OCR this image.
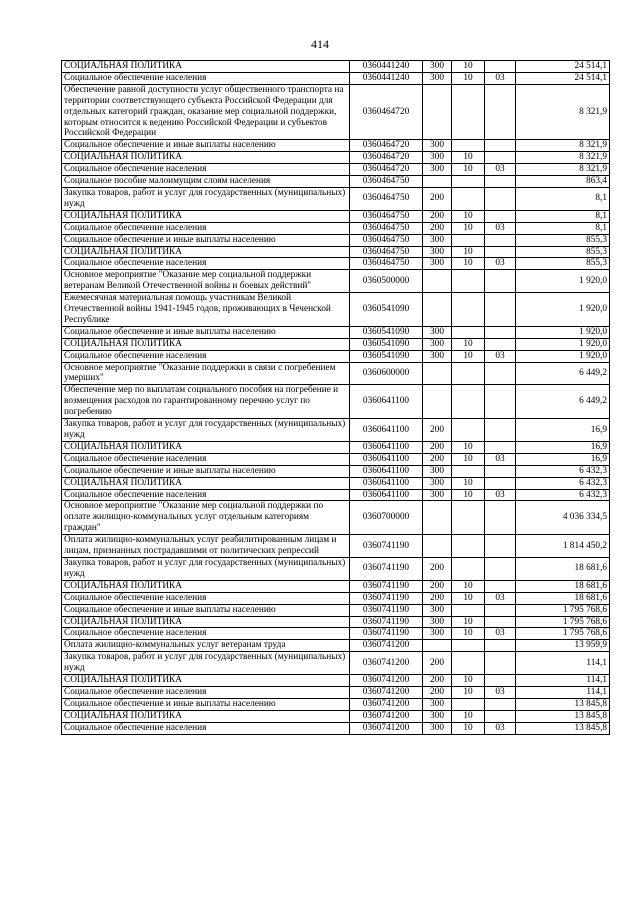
414
СОЦИАЛЬНАЯ ПОЛИТИКА	0360441240	300	10		24 514,1
Социальное обеспечение населения	0360441240	300	10	03	24 514,1
Обеспечение равной доступности услуг общественного транспорта на территории соответствующего субъекта Российской Федерации для отдельных категорий граждан, оказание мер социальной поддержки, которым относится к ведению Российской Федерации и субъектов Российской Федерации	0360464720				8 321,9
Социальное обеспечение и иные выплаты населению	0360464720	300			8 321,9
СОЦИАЛЬНАЯ ПОЛИТИКА	0360464720	300	10		8 321,9
Социальное обеспечение населения	0360464720	300	10	03	8 321,9
Социальное пособие малоимущим слоям населения	0360464750				863,4
Закупка товаров, работ и услуг для государственных (муниципальных) нужд	0360464750	200			8,1
СОЦИАЛЬНАЯ ПОЛИТИКА	0360464750	200	10		8,1
Социальное обеспечение населения	0360464750	200	10	03	8,1
Социальное обеспечение и иные выплаты населению	0360464750	300			855,3
СОЦИАЛЬНАЯ ПОЛИТИКА	0360464750	300	10		855,3
Социальное обеспечение населения	0360464750	300	10	03	855,3
Основное мероприятие "Оказание мер социальной поддержки ветеранам Великой Отечественной войны и боевых действий"	0360500000				1 920,0
Ежемесячная материальная помощь участникам Великой Отечественной войны 1941-1945 годов, проживающих в Чеченской Республике	0360541090				1 920,0
Социальное обеспечение и иные выплаты населению	0360541090	300			1 920,0
СОЦИАЛЬНАЯ ПОЛИТИКА	0360541090	300	10		1 920,0
Социальное обеспечение населения	0360541090	300	10	03	1 920,0
Основное мероприятие "Оказание поддержки в связи с погребением умерших"	0360600000				6 449,2
Обеспечение мер по выплатам социального пособия на погребение и возмещения расходов по гарантированному перечню услуг по погребению	0360641100				6 449,2
Закупка товаров, работ и услуг для государственных (муниципальных) нужд	0360641100	200			16,9
СОЦИАЛЬНАЯ ПОЛИТИКА	0360641100	200	10		16,9
Социальное обеспечение населения	0360641100	200	10	03	16,9
Социальное обеспечение и иные выплаты населению	0360641100	300			6 432,3
СОЦИАЛЬНАЯ ПОЛИТИКА	0360641100	300	10		6 432,3
Социальное обеспечение населения	0360641100	300	10	03	6 432,3
Основное мероприятие "Оказание мер социальной поддержки по оплате жилищно-коммунальных услуг отдельным категориям граждан"	0360700000				4 036 334,5
Оплата жилищно-коммунальных услуг реабилитированным лицам и лицам, признанных пострадавшими от политических репрессий	0360741190				1 814 450,2
Закупка товаров, работ и услуг для государственных (муниципальных) нужд	0360741190	200			18 681,6
СОЦИАЛЬНАЯ ПОЛИТИКА	0360741190	200	10		18 681,6
Социальное обеспечение населения	0360741190	200	10	03	18 681,6
Социальное обеспечение и иные выплаты населению	0360741190	300			1 795 768,6
СОЦИАЛЬНАЯ ПОЛИТИКА	0360741190	300	10		1 795 768,6
Социальное обеспечение населения	0360741190	300	10	03	1 795 768,6
Оплата жилищно-коммунальных услуг ветеранам труда	0360741200				13 959,9
Закупка товаров, работ и услуг для государственных (муниципальных) нужд	0360741200	200			114,1
СОЦИАЛЬНАЯ ПОЛИТИКА	0360741200	200	10		114,1
Социальное обеспечение населения	0360741200	200	10	03	114,1
Социальное обеспечение и иные выплаты населению	0360741200	300			13 845,8
СОЦИАЛЬНАЯ ПОЛИТИКА	0360741200	300	10		13 845,8
Социальное обеспечение населения	0360741200	300	10	03	13 845,8
